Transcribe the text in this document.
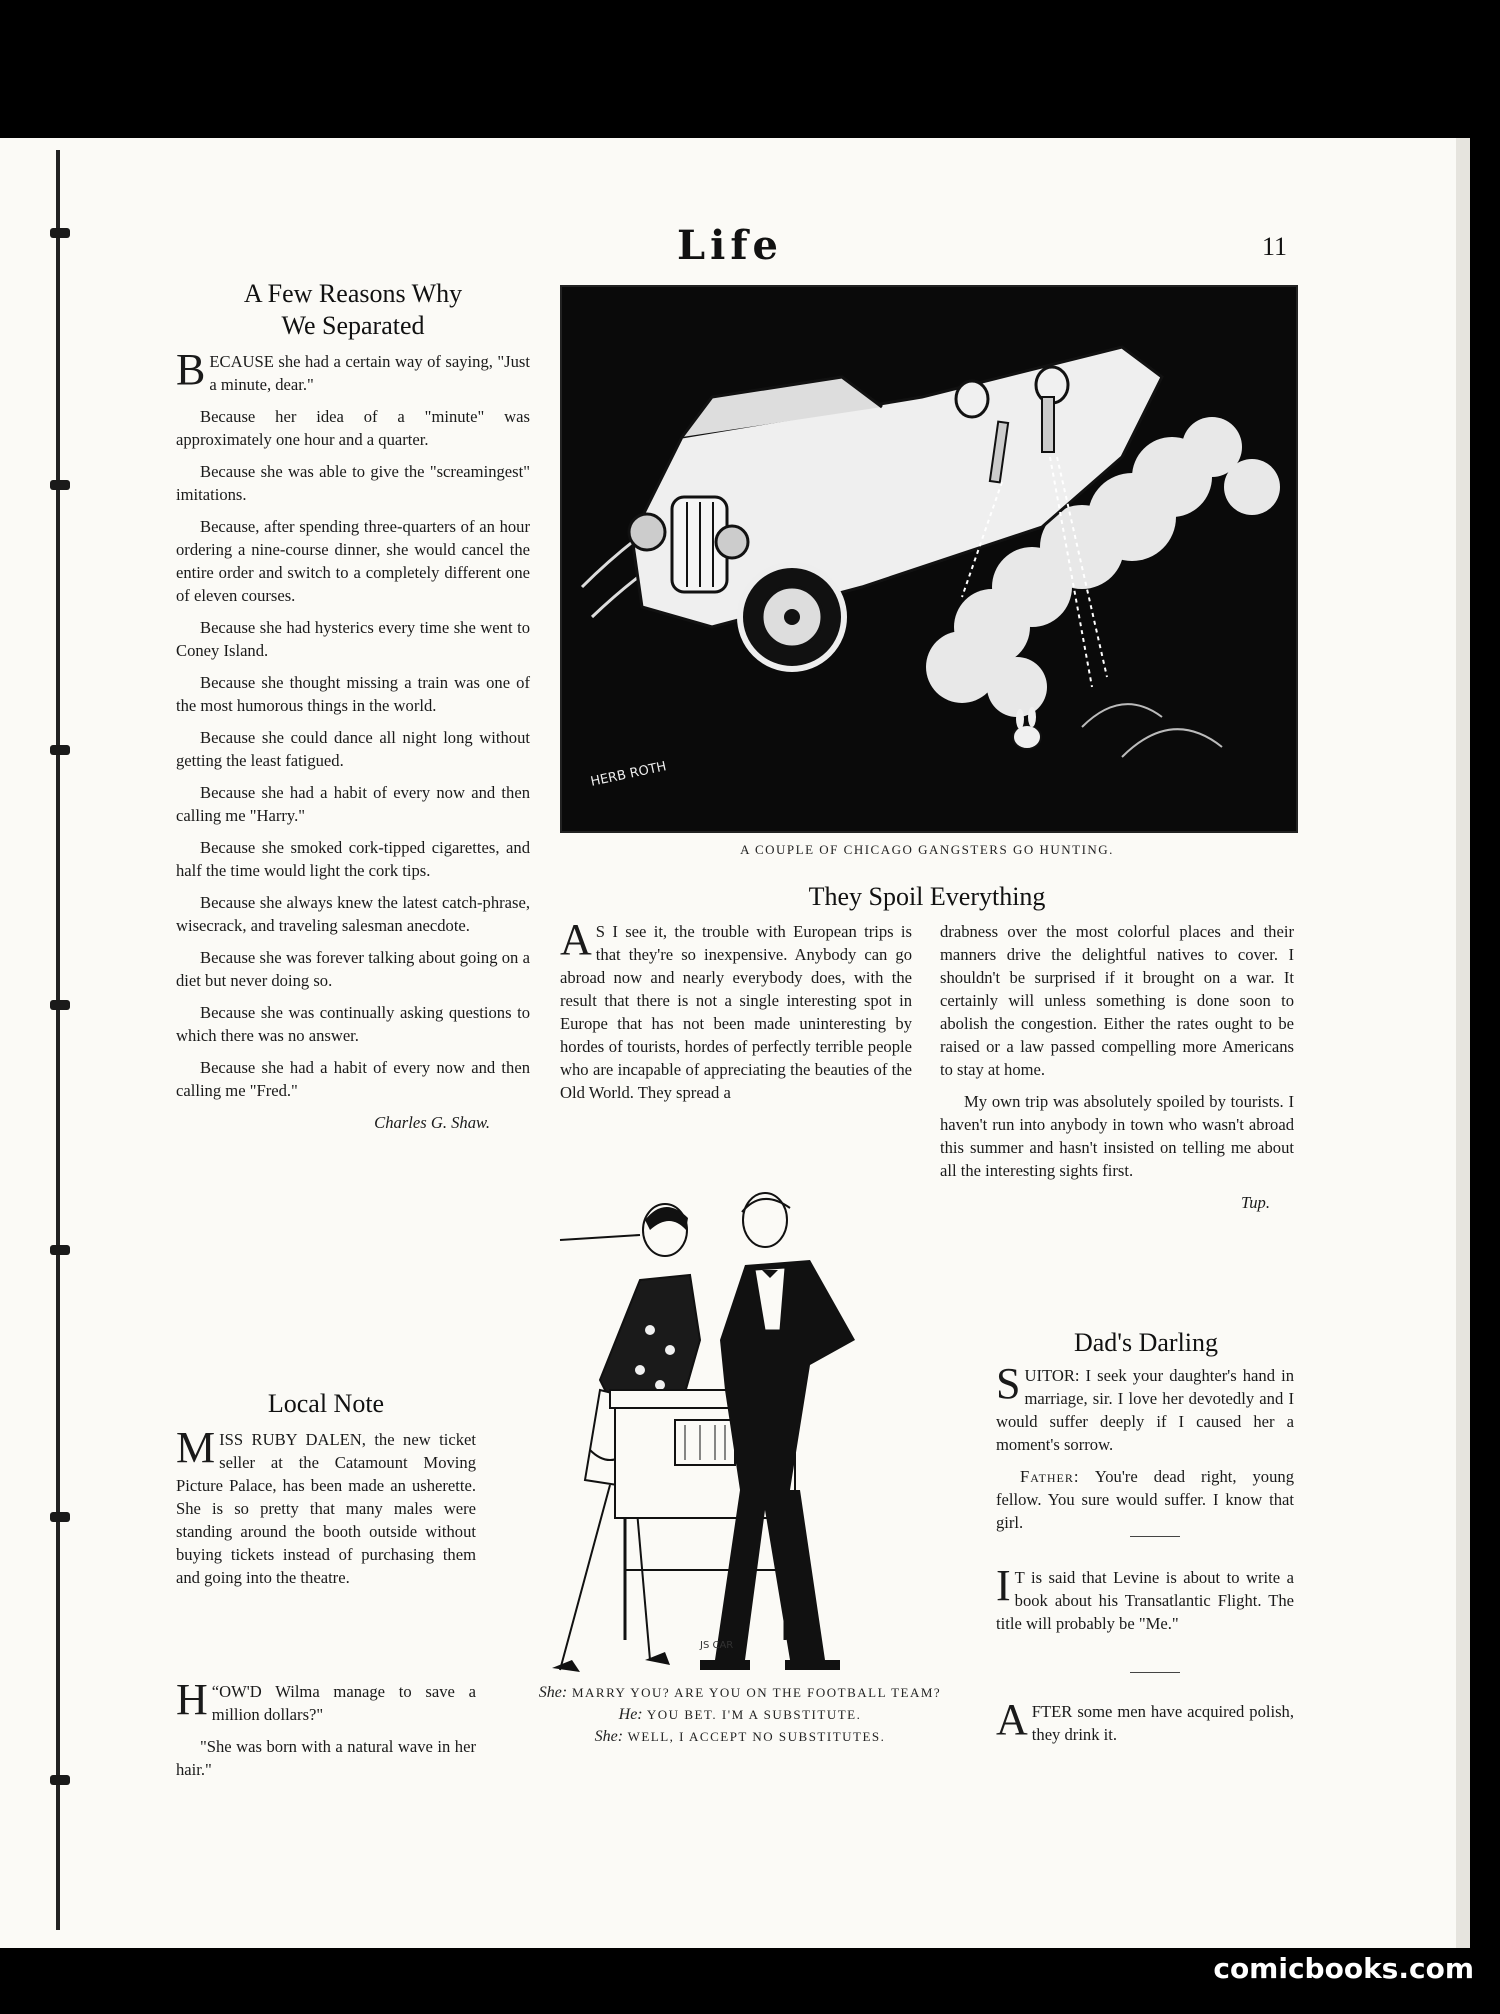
Life	11
A Few Reasons Why
We Separated

BECAUSE she had a certain way of saying, "Just a minute, dear."

Because her idea of a "minute" was approximately one hour and a quarter.

Because she was able to give the "screamingest" imitations.

Because, after spending three-quarters of an hour ordering a nine-course dinner, she would cancel the entire order and switch to a completely different one of eleven courses.

Because she had hysterics every time she went to Coney Island.

Because she thought missing a train was one of the most humorous things in the world.

Because she could dance all night long without getting the least fatigued.

Because she had a habit of every now and then calling me "Harry."

Because she smoked cork-tipped cigarettes, and half the time would light the cork tips.

Because she always knew the latest catch-phrase, wisecrack, and traveling salesman anecdote.

Because she was forever talking about going on a diet but never doing so.

Because she was continually asking questions to which there was no answer.

Because she had a habit of every now and then calling me "Fred."

Charles G. Shaw.
Local Note

MISS RUBY DALEN, the new ticket seller at the Catamount Moving Picture Palace, has been made an usherette. She is so pretty that many males were standing around the booth outside without buying tickets instead of purchasing them and going into the theatre.

“
H OW'D Wilma manage to save a million dollars?"

"She was born with a natural wave in her hair."

HERB ROTH
A COUPLE OF CHICAGO GANGSTERS GO HUNTING.
They Spoil Everything

A S I see it, the trouble with European trips is that they're so inexpensive. Anybody can go abroad now and nearly everybody does, with the result that there is not a single interesting spot in Europe that has not been made uninteresting by hordes of tourists, hordes of perfectly terrible people who are incapable of appreciating the beauties of the Old World. They spread a

drabness over the most colorful places and their manners drive the delightful natives to cover. I shouldn't be surprised if it brought on a war. It certainly will unless something is done soon to abolish the congestion. Either the rates ought to be raised or a law passed compelling more Americans to stay at home.

My own trip was absolutely spoiled by tourists. I haven't run into anybody in town who wasn't abroad this summer and hasn't insisted on telling me about all the interesting sights first.

Tup.
JS CAR
She: MARRY YOU? ARE YOU ON THE FOOTBALL TEAM?
He: YOU BET. I'M A SUBSTITUTE.
She: WELL, I ACCEPT NO SUBSTITUTES.
Dad's Darling

SUITOR: I seek your daughter's hand in marriage, sir. I love her devotedly and I would suffer deeply if I caused her a moment's sorrow.

Father: You're dead right, young fellow. You sure would suffer. I know that girl.

I T is said that Levine is about to write a book about his Transatlantic Flight. The title will probably be "Me."

AFTER some men have acquired polish, they drink it.

comicbooks.com
